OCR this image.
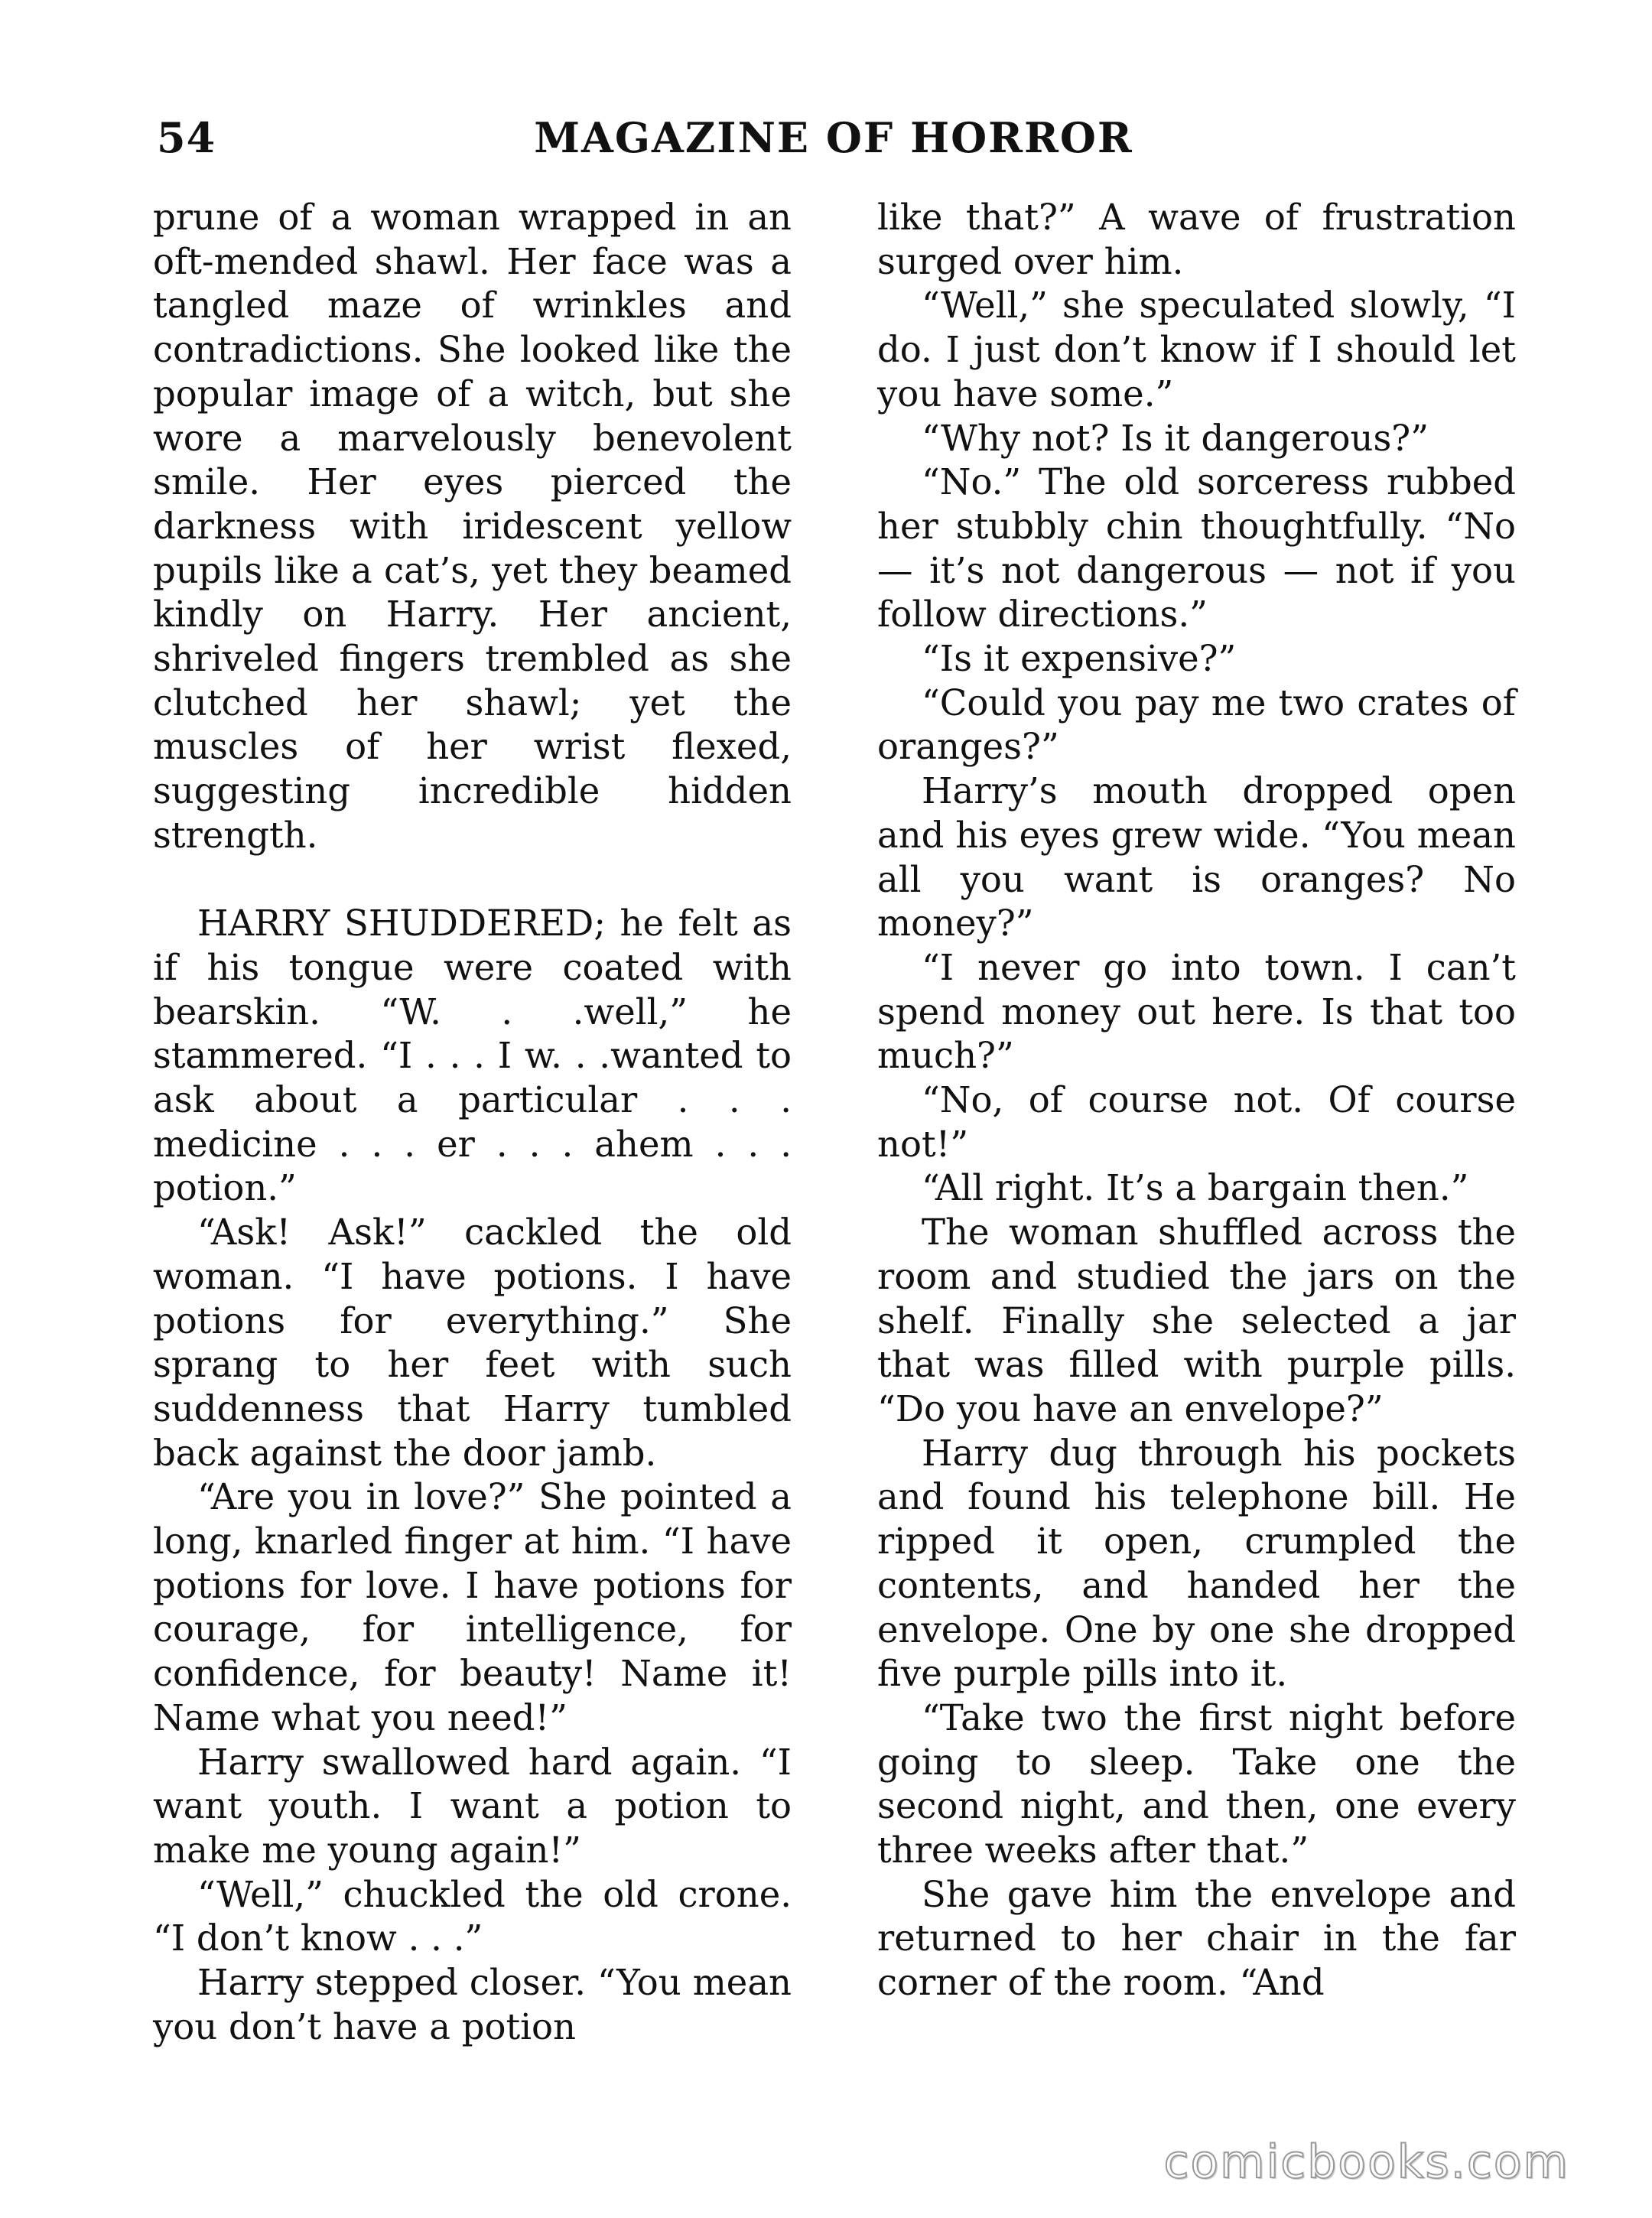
MAGAZINE OF HORROR
54

prune of a woman wrapped in an oft-mended shawl. Her face was a tangled maze of wrinkles and contradictions. She looked like the popular image of a witch, but she wore a marvelously benevolent smile. Her eyes pierced the darkness with iridescent yellow pupils like a cat’s, yet they beamed kindly on Harry. Her ancient, shriveled fingers trembled as she clutched her shawl; yet the muscles of her wrist flexed, suggesting incredible hidden strength.

HARRY SHUDDERED; he felt as if his tongue were coated with bearskin. “W. . .well,” he stammered. “I . . . I w. . .wanted to ask about a particular . . . medicine . . . er . . . ahem . . . potion.”

“Ask! Ask!” cackled the old woman. “I have potions. I have potions for everything.” She sprang to her feet with such suddenness that Harry tumbled back against the door jamb.

“Are you in love?” She pointed a long, knarled finger at him. “I have potions for love. I have potions for courage, for intelligence, for confidence, for beauty! Name it! Name what you need!”

Harry swallowed hard again. “I want youth. I want a potion to make me young again!”

“Well,” chuckled the old crone. “I don’t know . . .”

Harry stepped closer. “You mean you don’t have a potion

like that?” A wave of frustration surged over him.

“Well,” she speculated slowly, “I do. I just don’t know if I should let you have some.”

“Why not? Is it dangerous?”

“No.” The old sorceress rubbed her stubbly chin thoughtfully. “No — it’s not dangerous — not if you follow directions.”

“Is it expensive?”

“Could you pay me two crates of oranges?”

Harry’s mouth dropped open and his eyes grew wide. “You mean all you want is oranges? No money?”

“I never go into town. I can’t spend money out here. Is that too much?”

“No, of course not. Of course not!”

“All right. It’s a bargain then.”

The woman shuffled across the room and studied the jars on the shelf. Finally she selected a jar that was filled with purple pills. “Do you have an envelope?”

Harry dug through his pockets and found his telephone bill. He ripped it open, crumpled the contents, and handed her the envelope. One by one she dropped five purple pills into it.

“Take two the first night before going to sleep. Take one the second night, and then, one every three weeks after that.”

She gave him the envelope and returned to her chair in the far corner of the room. “And

comicbooks.com
